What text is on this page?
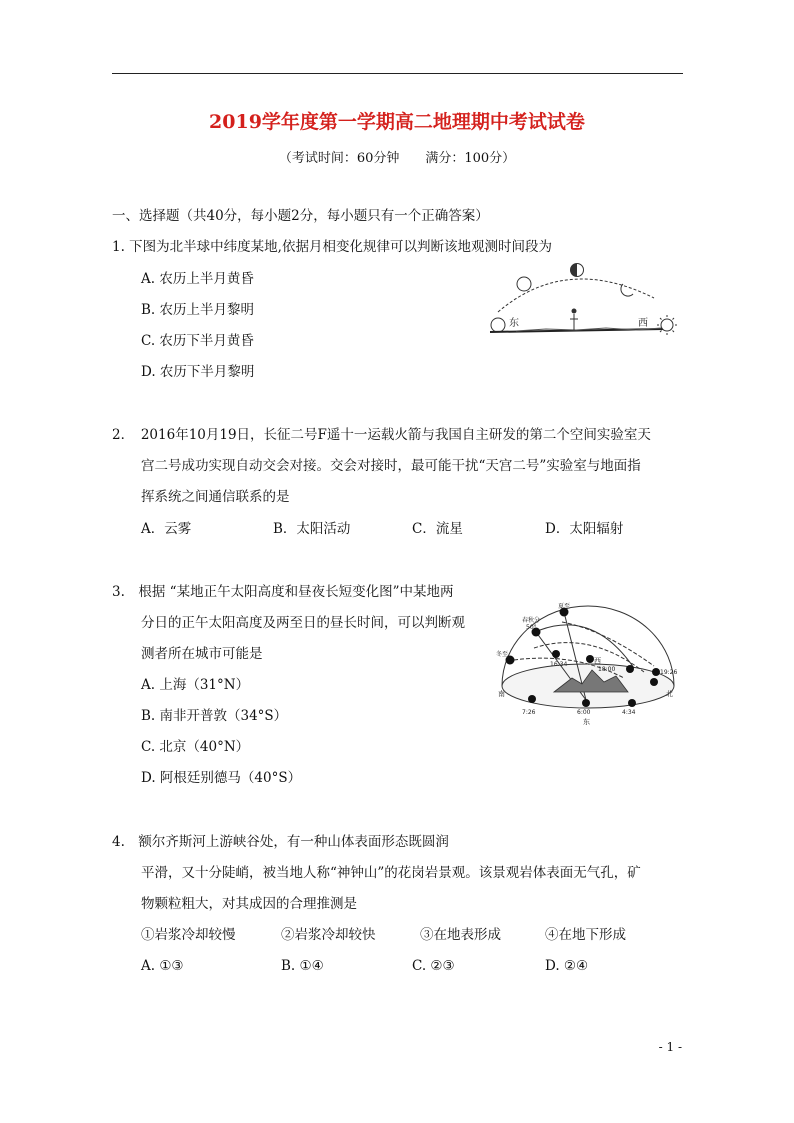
2019学年度第一学期高二地理期中考试试卷
（考试时间：60分钟　　满分：100分）
一、选择题（共40分，每小题2分，每小题只有一个正确答案）
1. 下图为北半球中纬度某地,依据月相变化规律可以判断该地观测时间段为
A. 农历上半月黄昏
B. 农历上半月黎明
C. 农历下半月黄昏
D. 农历下半月黎明
东	西
2．　2016年10月19日，长征二号F遥十一运载火箭与我国自主研发的第二个空间实验室天
宫二号成功实现自动交会对接。交会对接时，最可能干扰“天宫二号”实验室与地面指
挥系统之间通信联系的是
A．云雾	B．太阳活动	C．流星	D．太阳辐射
3.　根据 “某地正午太阳高度和昼夜长短变化图”中某地两
分日的正午太阳高度及两至日的昼长时间，可以判断观
测者所在城市可能是
A. 上海（31°N）
B. 南非开普敦（34°S）
C. 北京（40°N）
D. 阿根廷别德马（40°S）
夏至
春秋分
50°
冬至
西
16:34
18:00	19:26
南	北
7:26	6:00	4:34
东
4.　额尔齐斯河上游峡谷处，有一种山体表面形态既圆润
平滑，又十分陡峭，被当地人称“神钟山”的花岗岩景观。该景观岩体表面无气孔，矿
物颗粒粗大，对其成因的合理推测是
①岩浆冷却较慢	②岩浆冷却较快	③在地表形成	④在地下形成
A. ①③	B. ①④	C. ②③	D. ②④
- 1 -
